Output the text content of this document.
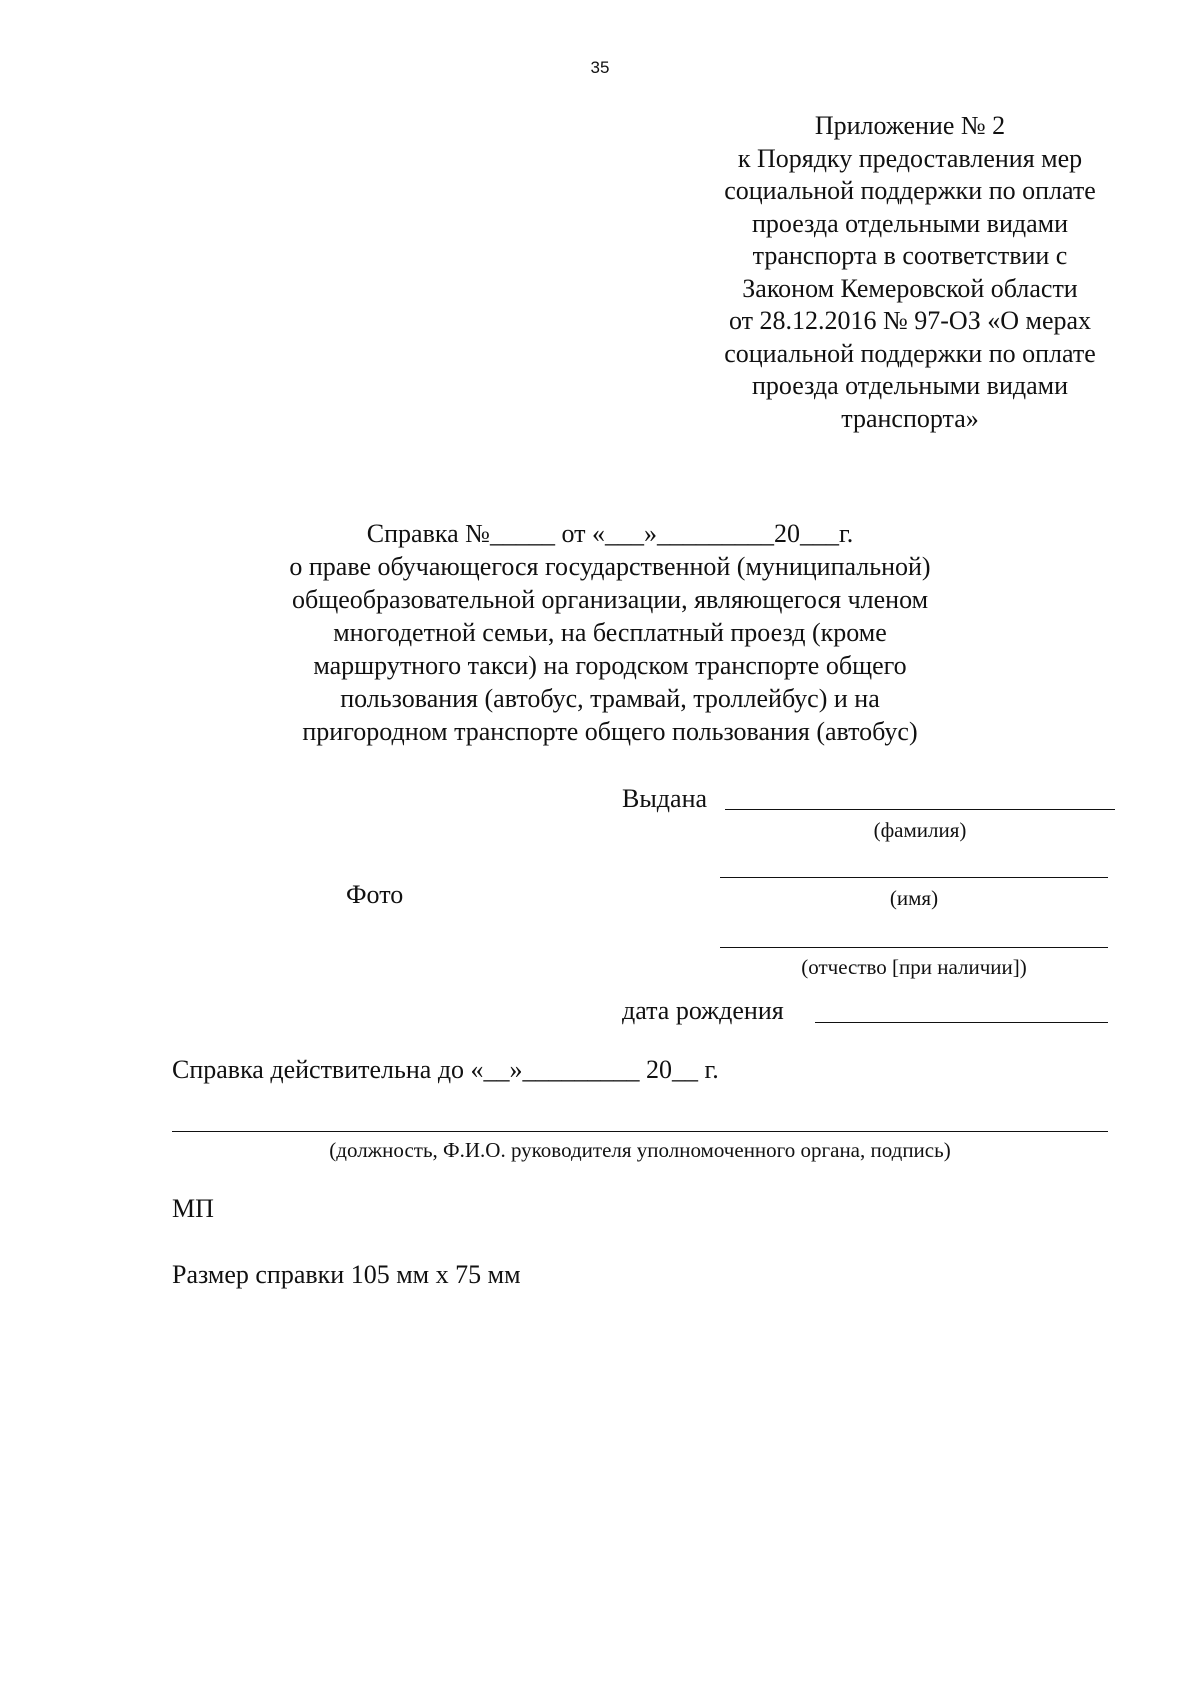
35
Приложение № 2
к Порядку предоставления мер
социальной поддержки по оплате
проезда отдельными видами
транспорта в соответствии с
Законом Кемеровской области
от 28.12.2016 № 97-ОЗ «О мерах
социальной поддержки по оплате
проезда отдельными видами
транспорта»
Справка №_____ от «___»_________20___г.
о праве обучающегося государственной (муниципальной)
общеобразовательной организации, являющегося членом
многодетной семьи, на бесплатный проезд (кроме
маршрутного такси) на городском транспорте общего
пользования (автобус, трамвай, троллейбус) и на
пригородном транспорте общего пользования (автобус)
Выдана
(фамилия)
Фото	(имя)
(отчество [при наличии])
дата рождения
Справка действительна до «__»_________ 20__ г.
(должность, Ф.И.О. руководителя уполномоченного органа, подпись)
МП
Размер справки 105 мм х 75 мм
